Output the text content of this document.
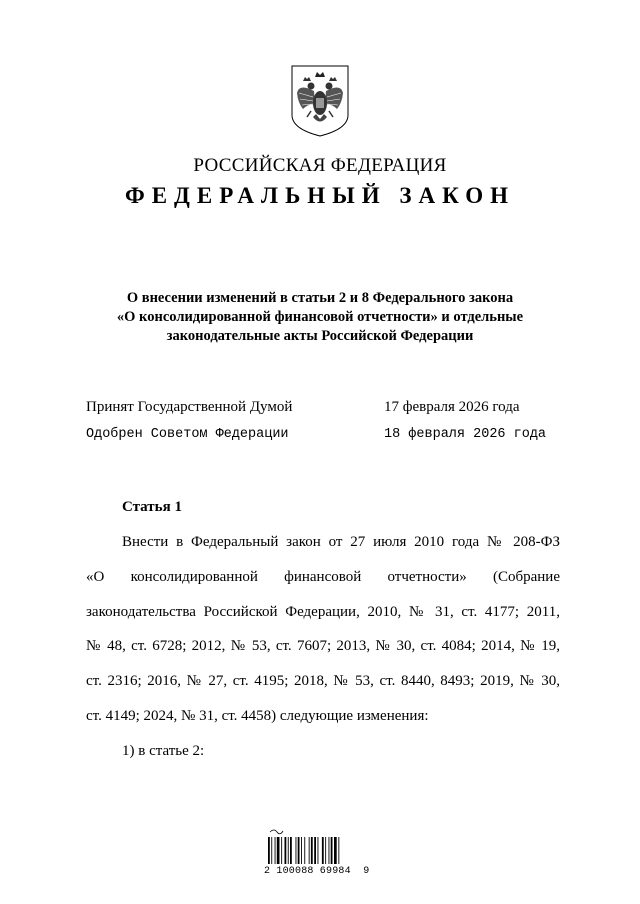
РОССИЙСКАЯ ФЕДЕРАЦИЯ
ФЕДЕРАЛЬНЫЙ ЗАКОН
О внесении изменений в статьи 2 и 8 Федерального закона
«О консолидированной финансовой отчетности» и отдельные
законодательные акты Российской Федерации
Принят Государственной Думой	17 февраля 2026 года
Одобрен Советом Федерации	18 февраля 2026 года
Статья 1
Внести в Федеральный закон от 27 июля 2010 года № 208-ФЗ
«О консолидированной финансовой отчетности» (Собрание
законодательства Российской Федерации, 2010, № 31, ст. 4177; 2011,
№ 48, ст. 6728; 2012, № 53, ст. 7607; 2013, № 30, ст. 4084; 2014, № 19,
ст. 2316; 2016, № 27, ст. 4195; 2018, № 53, ст. 8440, 8493; 2019, № 30,
ст. 4149; 2024, № 31, ст. 4458) следующие изменения:
1) в статье 2:
2 100088 69984  9
